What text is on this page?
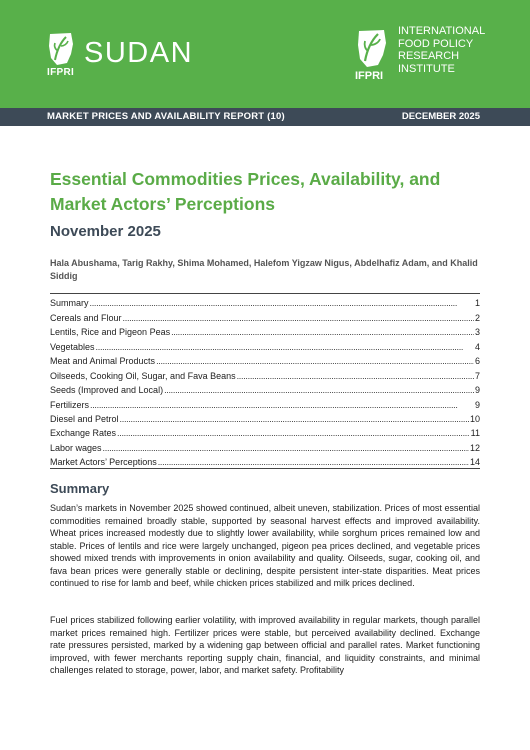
IFPRI
SUDAN
IFPRI
INTERNATIONAL
FOOD POLICY
RESEARCH
INSTITUTE
MARKET PRICES AND AVAILABILITY REPORT (10)	DECEMBER 2025
Essential Commodities Prices, Availability, and Market Actors’ Perceptions
November 2025
Hala Abushama, Tarig Rakhy, Shima Mohamed, Halefom Yigzaw Nigus, Abdelhafiz Adam, and Khalid Siddig
Summary . . .	1
Cereals and Flour . . .	2
Lentils, Rice and Pigeon Peas . . .	3
Vegetables . . .	4
Meat and Animal Products . . .	6
Oilseeds, Cooking Oil, Sugar, and Fava Beans . . .	7
Seeds (Improved and Local) . . .	9
Fertilizers . . .	9
Diesel and Petrol . . .	10
Exchange Rates . . .	11
Labor wages . . .	12
Market Actors’ Perceptions . . .	14
Summary
Sudan’s markets in November 2025 showed continued, albeit uneven, stabilization. Prices of most essential commodities remained broadly stable, supported by seasonal harvest effects and improved availability. Wheat prices increased modestly due to slightly lower availability, while sorghum prices remained low and stable. Prices of lentils and rice were largely unchanged, pigeon pea prices declined, and vegetable prices showed mixed trends with improvements in onion availability and quality. Oilseeds, sugar, cooking oil, and fava bean prices were generally stable or declining, despite persistent inter-state disparities. Meat prices continued to rise for lamb and beef, while chicken prices stabilized and milk prices declined.
Fuel prices stabilized following earlier volatility, with improved availability in regular markets, though parallel market prices remained high. Fertilizer prices were stable, but perceived availability declined. Exchange rate pressures persisted, marked by a widening gap between official and parallel rates. Market functioning improved, with fewer merchants reporting supply chain, financial, and liquidity constraints, and minimal challenges related to storage, power, labor, and market safety. Profitability
